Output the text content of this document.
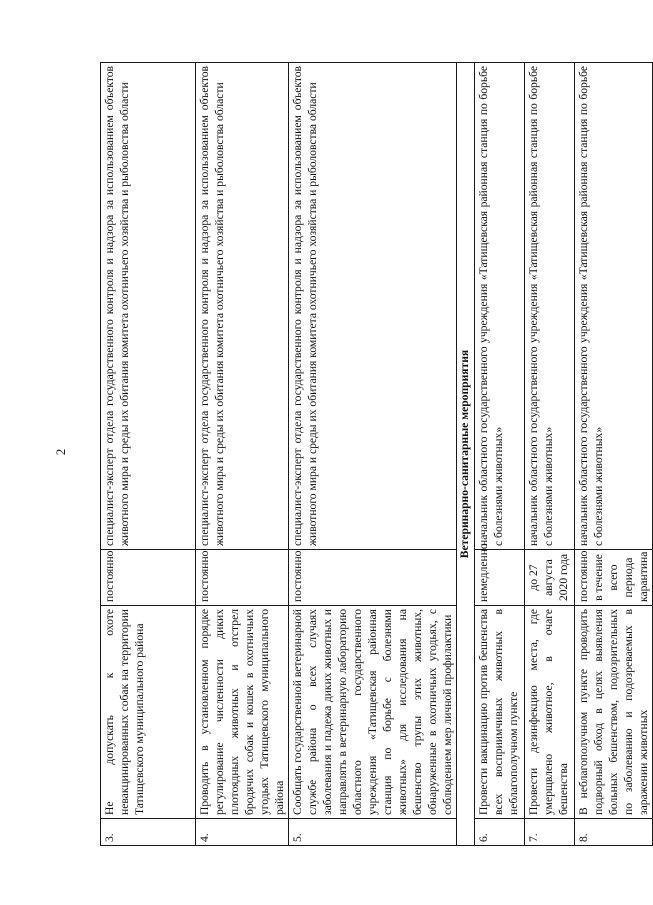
2
3.	Не допускать к охоте невакцинированных собак на территории Татищевского муниципального района	постоянно	специалист-эксперт отдела государственного контроля и надзора за использованием объектов животного мира и среды их обитания комитета охотничьего хозяйства и рыболовства области
4.	Проводить в установленном порядке регулирование численности диких плотоядных животных и отстрел бродячих собак и кошек в охотничьих угодьях Татищевского муниципального района	постоянно	специалист-эксперт отдела государственного контроля и надзора за использованием объектов животного мира и среды их обитания комитета охотничьего хозяйства и рыболовства области
5.	Сообщать государственной ветеринарной службе района о всех случаях заболевания и падежа диких животных и направлять в ветеринарную лабораторию областного государственного учреждения «Татищевская районная станция по борьбе с болезнями животных» для исследования на бешенство трупы этих животных, обнаруженные в охотничьих угодьях, с соблюдением мер личной профилактики	постоянно	специалист-эксперт отдела государственного контроля и надзора за использованием объектов животного мира и среды их обитания комитета охотничьего хозяйства и рыболовства области
Ветеринарно-санитарные мероприятия			
6.	Провести вакцинацию против бешенства всех восприимчивых животных в неблагополучном пункте	немедленно	начальник областного государственного учреждения «Татищевская районная станция по борьбе с болезнями животных»
7.	Провести дезинфекцию места, где умерщвлено животное, в очаге бешенства	до 27 августа 2020 года	начальник областного государственного учреждения «Татищевская районная станция по борьбе с болезнями животных»
8.	В неблагополучном пункте проводить подворный обход в целях выявления больных бешенством, подозрительных по заболеванию и подозреваемых в заражении животных	постоянно в течение всего периода карантина	начальник областного государственного учреждения «Татищевская районная станция по борьбе с болезнями животных»
